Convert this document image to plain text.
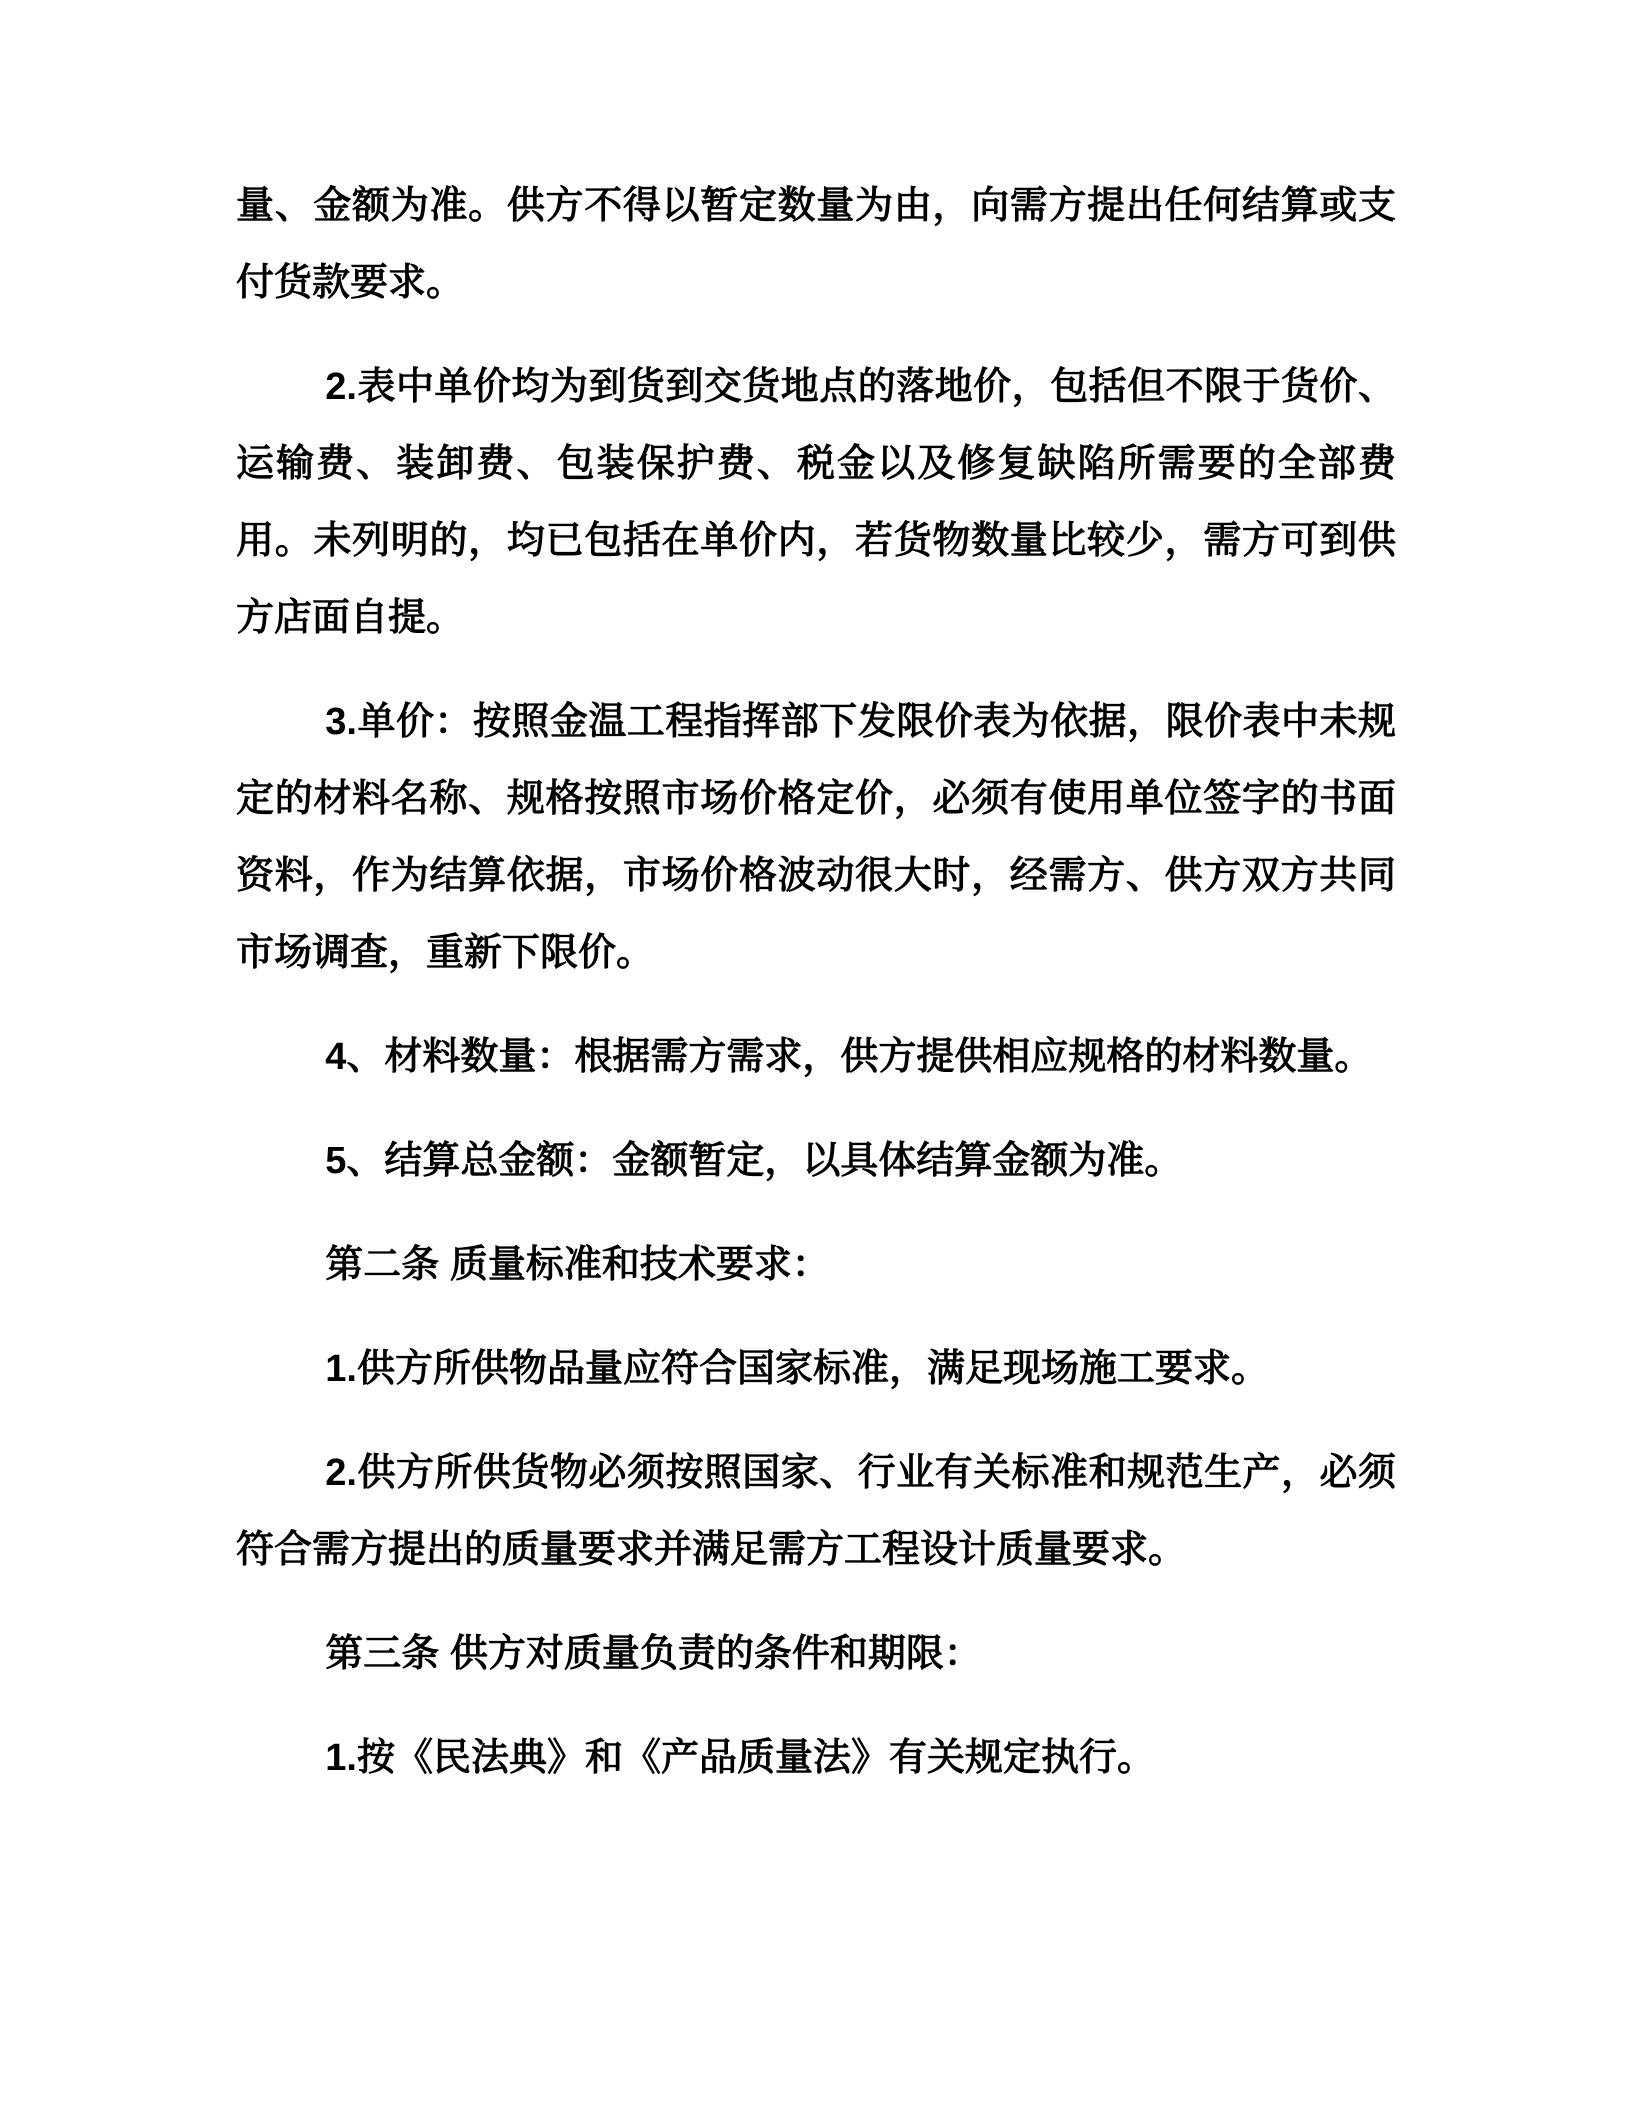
量、金额为准。供方不得以暂定数量为由，向需方提出任何结算或支付货款要求。

2.表中单价均为到货到交货地点的落地价，包括但不限于货价、运输费、装卸费、包装保护费、税金以及修复缺陷所需要的全部费用。未列明的，均已包括在单价内，若货物数量比较少，需方可到供方店面自提。

3.单价：按照金温工程指挥部下发限价表为依据，限价表中未规定的材料名称、规格按照市场价格定价，必须有使用单位签字的书面资料，作为结算依据，市场价格波动很大时，经需方、供方双方共同市场调查，重新下限价。

4、材料数量：根据需方需求，供方提供相应规格的材料数量。

5、结算总金额：金额暂定，以具体结算金额为准。

第二条 质量标准和技术要求：

1.供方所供物品量应符合国家标准，满足现场施工要求。

2.供方所供货物必须按照国家、行业有关标准和规范生产，必须符合需方提出的质量要求并满足需方工程设计质量要求。

第三条 供方对质量负责的条件和期限：

1.按《民法典》和《产品质量法》有关规定执行。
